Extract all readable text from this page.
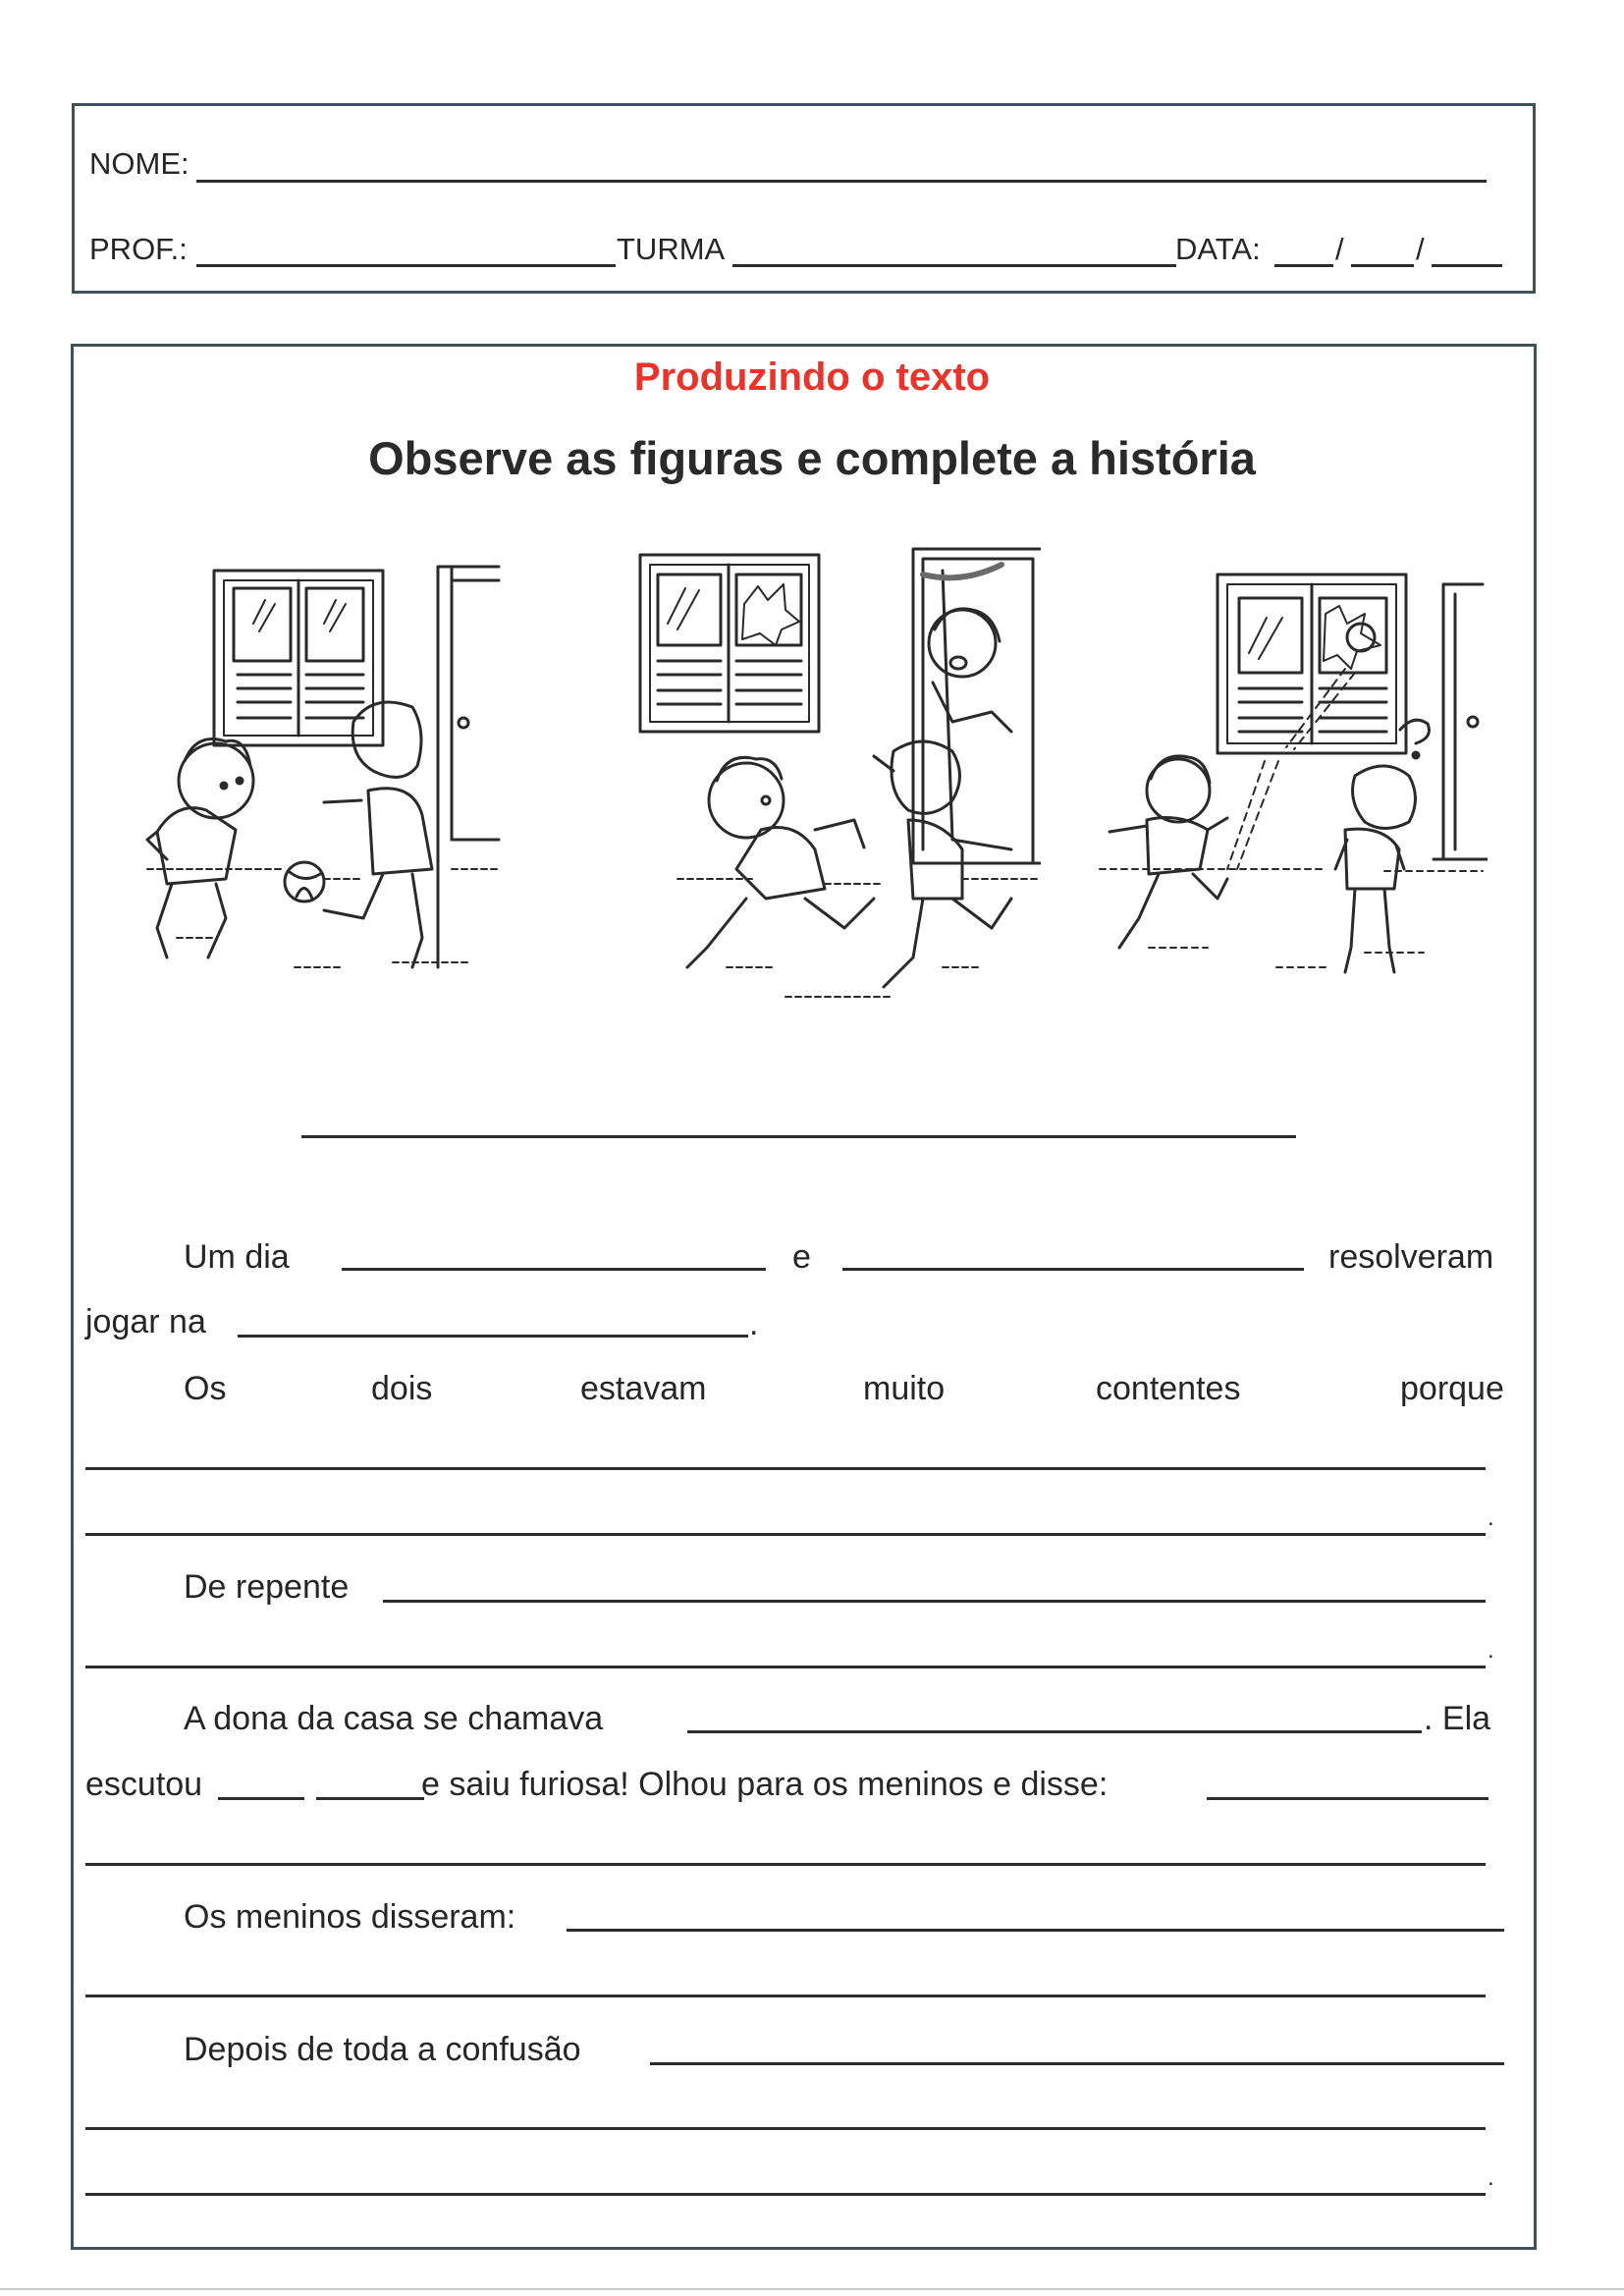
NOME:
PROF.:	TURMA	DATA: / /
Produzindo o texto
Observe as figuras e complete a história
Um dia	e	resolveram
jogar na	.
Os	dois	estavam	muito	contentes	porque
.
De repente
.
A dona da casa se chamava	. Ela
escutou	e saiu furiosa! Olhou para os meninos e disse:
Os meninos disseram:
Depois de toda a confusão
.
